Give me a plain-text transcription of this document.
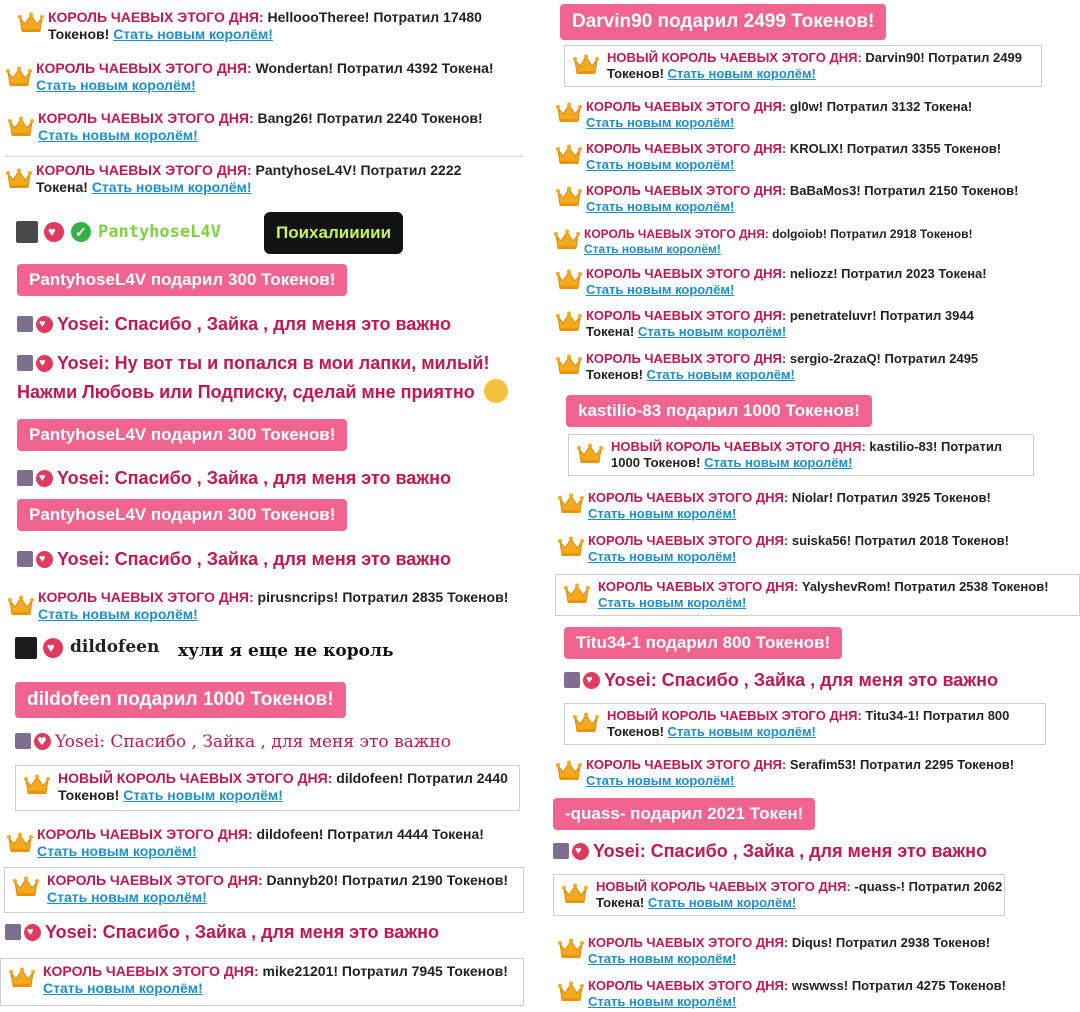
КОРОЛЬ ЧАЕВЫХ ЭТОГО ДНЯ: HelloooTheree! Потратил 17480 Токенов! Стать новым королём!
КОРОЛЬ ЧАЕВЫХ ЭТОГО ДНЯ: Wondertan! Потратил 4392 Токена!
Стать новым королём!
КОРОЛЬ ЧАЕВЫХ ЭТОГО ДНЯ: Bang26! Потратил 2240 Токенов!
Стать новым королём!
КОРОЛЬ ЧАЕВЫХ ЭТОГО ДНЯ: PantyhoseL4V! Потратил 2222 Токена! Стать новым королём!
♥
✓
PantyhoseL4V	Поихалиииии
PantyhoseL4V подарил 300 Токенов!
♥Yosei: Спасибо , Зайка , для меня это важно
♥Yosei: Ну вот ты и попался в мои лапки, милый!
Нажми Любовь или Подписку, сделай мне приятно
PantyhoseL4V подарил 300 Токенов!
♥Yosei: Спасибо , Зайка , для меня это важно
PantyhoseL4V подарил 300 Токенов!
♥Yosei: Спасибо , Зайка , для меня это важно
КОРОЛЬ ЧАЕВЫХ ЭТОГО ДНЯ: pirusncrips! Потратил 2835 Токенов!
Стать новым королём!
♥
dildofeen хули я еще не король
dildofeen подарил 1000 Токенов!
♥Yosei: Спасибо , Зайка , для меня это важно
НОВЫЙ КОРОЛЬ ЧАЕВЫХ ЭТОГО ДНЯ: dildofeen! Потратил 2440 Токенов! Стать новым королём!
КОРОЛЬ ЧАЕВЫХ ЭТОГО ДНЯ: dildofeen! Потратил 4444 Токена!
Стать новым королём!
КОРОЛЬ ЧАЕВЫХ ЭТОГО ДНЯ: Dannyb20! Потратил 2190 Токенов!
Стать новым королём!
♥Yosei: Спасибо , Зайка , для меня это важно
КОРОЛЬ ЧАЕВЫХ ЭТОГО ДНЯ: mike21201! Потратил 7945 Токенов!
Стать новым королём!
Darvin90 подарил 2499 Токенов!
НОВЫЙ КОРОЛЬ ЧАЕВЫХ ЭТОГО ДНЯ: Darvin90! Потратил 2499 Токенов! Стать новым королём!
КОРОЛЬ ЧАЕВЫХ ЭТОГО ДНЯ: gl0w! Потратил 3132 Токена!
Стать новым королём!
КОРОЛЬ ЧАЕВЫХ ЭТОГО ДНЯ: KROLIX! Потратил 3355 Токенов!
Стать новым королём!
КОРОЛЬ ЧАЕВЫХ ЭТОГО ДНЯ: BaBaMos3! Потратил 2150 Токенов!
Стать новым королём!
КОРОЛЬ ЧАЕВЫХ ЭТОГО ДНЯ: dolgoiob! Потратил 2918 Токенов!
Стать новым королём!
КОРОЛЬ ЧАЕВЫХ ЭТОГО ДНЯ: neliozz! Потратил 2023 Токена!
Стать новым королём!
КОРОЛЬ ЧАЕВЫХ ЭТОГО ДНЯ: penetrateluvr! Потратил 3944 Токена! Стать новым королём!
КОРОЛЬ ЧАЕВЫХ ЭТОГО ДНЯ: sergio-2razaQ! Потратил 2495 Токенов! Стать новым королём!
kastilio-83 подарил 1000 Токенов!
НОВЫЙ КОРОЛЬ ЧАЕВЫХ ЭТОГО ДНЯ: kastilio-83! Потратил 1000 Токенов! Стать новым королём!
КОРОЛЬ ЧАЕВЫХ ЭТОГО ДНЯ: Niolar! Потратил 3925 Токенов!
Стать новым королём!
КОРОЛЬ ЧАЕВЫХ ЭТОГО ДНЯ: suiska56! Потратил 2018 Токенов!
Стать новым королём!
КОРОЛЬ ЧАЕВЫХ ЭТОГО ДНЯ: YalyshevRom! Потратил 2538 Токенов!
Стать новым королём!
Titu34-1 подарил 800 Токенов!
♥Yosei: Спасибо , Зайка , для меня это важно
НОВЫЙ КОРОЛЬ ЧАЕВЫХ ЭТОГО ДНЯ: Titu34-1! Потратил 800 Токенов! Стать новым королём!
КОРОЛЬ ЧАЕВЫХ ЭТОГО ДНЯ: Serafim53! Потратил 2295 Токенов!
Стать новым королём!
-quass- подарил 2021 Токен!
♥Yosei: Спасибо , Зайка , для меня это важно
НОВЫЙ КОРОЛЬ ЧАЕВЫХ ЭТОГО ДНЯ: -quass-! Потратил 2062 Токена! Стать новым королём!
КОРОЛЬ ЧАЕВЫХ ЭТОГО ДНЯ: Diqus! Потратил 2938 Токенов!
Стать новым королём!
КОРОЛЬ ЧАЕВЫХ ЭТОГО ДНЯ: wswwss! Потратил 4275 Токенов!
Стать новым королём!
